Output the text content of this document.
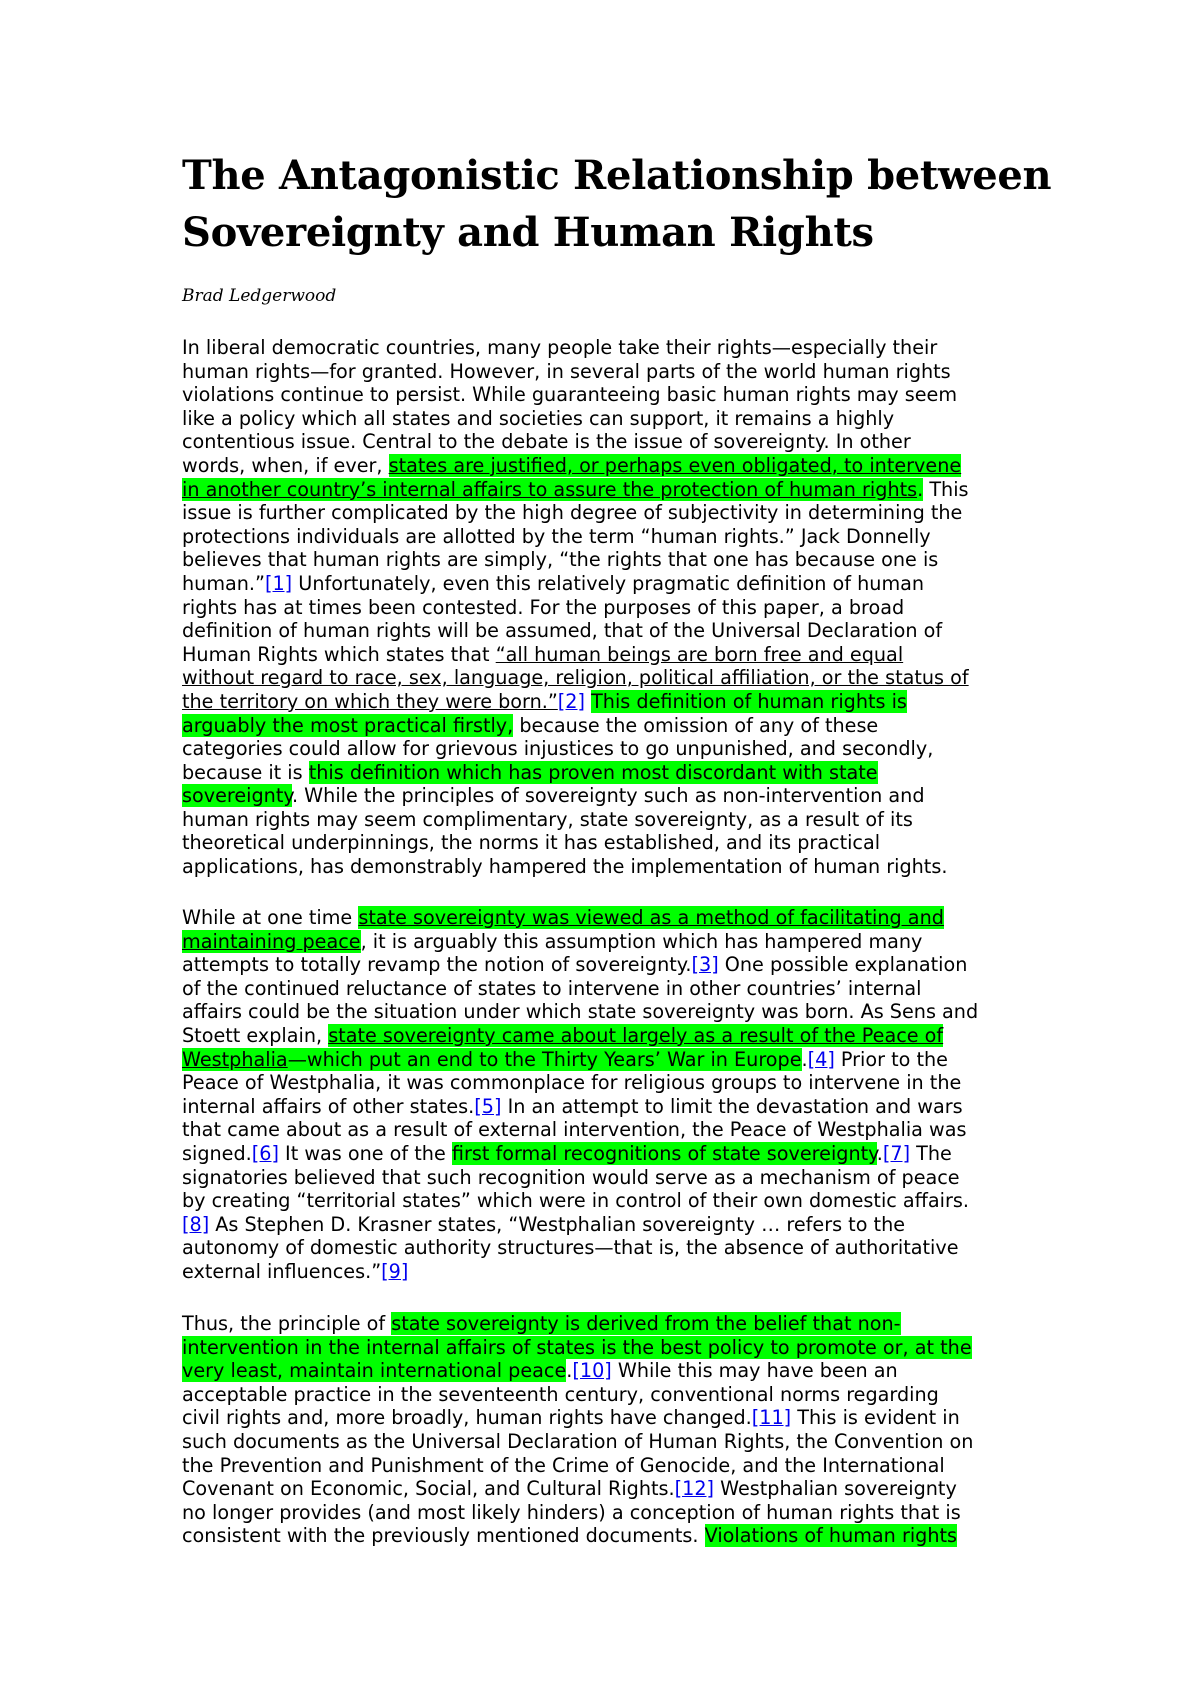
The Antagonistic Relationship between
Sovereignty and Human Rights
Brad Ledgerwood
In liberal democratic countries, many people take their rights—especially their
human rights—for granted. However, in several parts of the world human rights
violations continue to persist. While guaranteeing basic human rights may seem
like a policy which all states and societies can support, it remains a highly
contentious issue. Central to the debate is the issue of sovereignty. In other
words, when, if ever, states are justified, or perhaps even obligated, to intervene
in another country’s internal affairs to assure the protection of human rights. This
issue is further complicated by the high degree of subjectivity in determining the
protections individuals are allotted by the term “human rights.” Jack Donnelly
believes that human rights are simply, “the rights that one has because one is
human.”[1] Unfortunately, even this relatively pragmatic definition of human
rights has at times been contested. For the purposes of this paper, a broad
definition of human rights will be assumed, that of the Universal Declaration of
Human Rights which states that “all human beings are born free and equal
without regard to race, sex, language, religion, political affiliation, or the status of
the territory on which they were born.”[2] This definition of human rights is
arguably the most practical firstly, because the omission of any of these
categories could allow for grievous injustices to go unpunished, and secondly,
because it is this definition which has proven most discordant with state
sovereignty. While the principles of sovereignty such as non-intervention and
human rights may seem complimentary, state sovereignty, as a result of its
theoretical underpinnings, the norms it has established, and its practical
applications, has demonstrably hampered the implementation of human rights.
While at one time state sovereignty was viewed as a method of facilitating and
maintaining peace, it is arguably this assumption which has hampered many
attempts to totally revamp the notion of sovereignty.[3] One possible explanation
of the continued reluctance of states to intervene in other countries’ internal
affairs could be the situation under which state sovereignty was born. As Sens and
Stoett explain, state sovereignty came about largely as a result of the Peace of
Westphalia—which put an end to the Thirty Years’ War in Europe.[4] Prior to the
Peace of Westphalia, it was commonplace for religious groups to intervene in the
internal affairs of other states.[5] In an attempt to limit the devastation and wars
that came about as a result of external intervention, the Peace of Westphalia was
signed.[6] It was one of the first formal recognitions of state sovereignty.[7] The
signatories believed that such recognition would serve as a mechanism of peace
by creating “territorial states” which were in control of their own domestic affairs.
[8] As Stephen D. Krasner states, “Westphalian sovereignty … refers to the
autonomy of domestic authority structures—that is, the absence of authoritative
external influences.”[9]
Thus, the principle of state sovereignty is derived from the belief that non-
intervention in the internal affairs of states is the best policy to promote or, at the
very least, maintain international peace.[10] While this may have been an
acceptable practice in the seventeenth century, conventional norms regarding
civil rights and, more broadly, human rights have changed.[11] This is evident in
such documents as the Universal Declaration of Human Rights, the Convention on
the Prevention and Punishment of the Crime of Genocide, and the International
Covenant on Economic, Social, and Cultural Rights.[12] Westphalian sovereignty
no longer provides (and most likely hinders) a conception of human rights that is
consistent with the previously mentioned documents. Violations of human rights
